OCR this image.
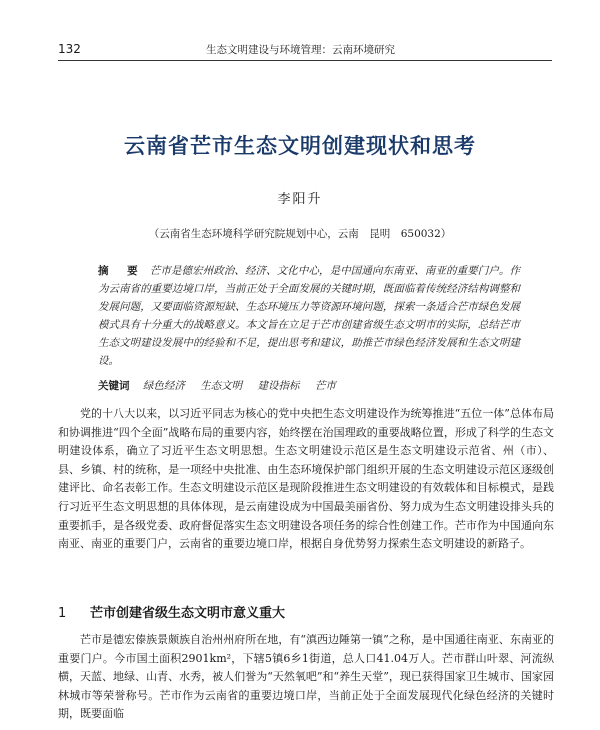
132	生态文明建设与环境管理：云南环境研究
云南省芒市生态文明创建现状和思考
李阳升
（云南省生态环境科学研究院规划中心，云南　昆明　650032）
摘　要 芒市是德宏州政治、经济、文化中心，是中国通向东南亚、南亚的重要门户。作为云南省的重要边境口岸，当前正处于全面发展的关键时期，既面临着传统经济结构调整和发展问题，又要面临资源短缺、生态环境压力等资源环境问题，探索一条适合芒市绿色发展模式具有十分重大的战略意义。本文旨在立足于芒市创建省级生态文明市的实际，总结芒市生态文明建设发展中的经验和不足，提出思考和建议，助推芒市绿色经济发展和生态文明建设。
关键词 绿色经济 生态文明 建设指标 芒市

党的十八大以来，以习近平同志为核心的党中央把生态文明建设作为统筹推进“五位一体”总体布局和协调推进“四个全面”战略布局的重要内容，始终摆在治国理政的重要战略位置，形成了科学的生态文明建设体系，确立了习近平生态文明思想。生态文明建设示范区是生态文明建设示范省、州（市）、县、乡镇、村的统称，是一项经中央批准、由生态环境保护部门组织开展的生态文明建设示范区逐级创建评比、命名表彰工作。生态文明建设示范区是现阶段推进生态文明建设的有效载体和目标模式，是践行习近平生态文明思想的具体体现，是云南建设成为中国最美丽省份、努力成为生态文明建设排头兵的重要抓手，是各级党委、政府督促落实生态文明建设各项任务的综合性创建工作。芒市作为中国通向东南亚、南亚的重要门户，云南省的重要边境口岸，根据自身优势努力探索生态文明建设的新路子。

1 芒市创建省级生态文明市意义重大

芒市是德宏傣族景颇族自治州州府所在地，有“滇西边陲第一镇”之称，是中国通往南亚、东南亚的重要门户。今市国土面积2901km²，下辖5镇6乡1街道，总人口41.04万人。芒市群山叶翠、河流纵横，天蓝、地绿、山青、水秀，被人们誉为“天然氧吧”和“养生天堂”，现已获得国家卫生城市、国家园林城市等荣誉称号。芒市作为云南省的重要边境口岸，当前正处于全面发展现代化绿色经济的关键时期，既要面临
